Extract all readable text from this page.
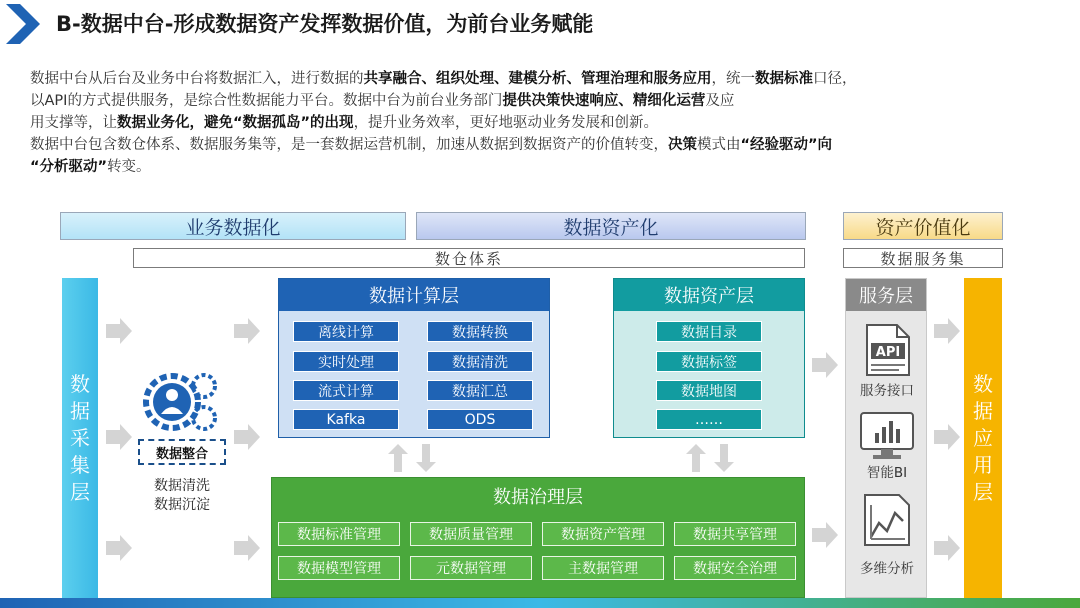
B-数据中台-形成数据资产发挥数据价值，为前台业务赋能

数据中台从后台及业务中台将数据汇入，进行数据的共享融合、组织处理、建模分析、管理治理和服务应用，统一数据标准口径，

以API的方式提供服务，是综合性数据能力平台。数据中台为前台业务部门提供决策快速响应、精细化运营及应

用支撑等，让数据业务化，避免“数据孤岛”的出现，提升业务效率，更好地驱动业务发展和创新。

数据中台包含数仓体系、数据服务集等，是一套数据运营机制，加速从数据到数据资产的价值转变，决策模式由“经验驱动”向

“分析驱动”转变。

业务数据化	数据资产化	资产价值化
数仓体系	数据服务集
数
据
采
集
层
数
据
应
用
层
数据整合
数据清洗
数据沉淀
数据计算层
离线计算	数据转换
实时处理	数据清洗
流式计算	数据汇总
Kafka	ODS
数据资产层
数据目录
数据标签
数据地图
……
数据治理层
数据标准管理	数据质量管理	数据资产管理	数据共享管理
数据模型管理	元数据管理	主数据管理	数据安全治理
服务层
API
服务接口
智能BI
多维分析
